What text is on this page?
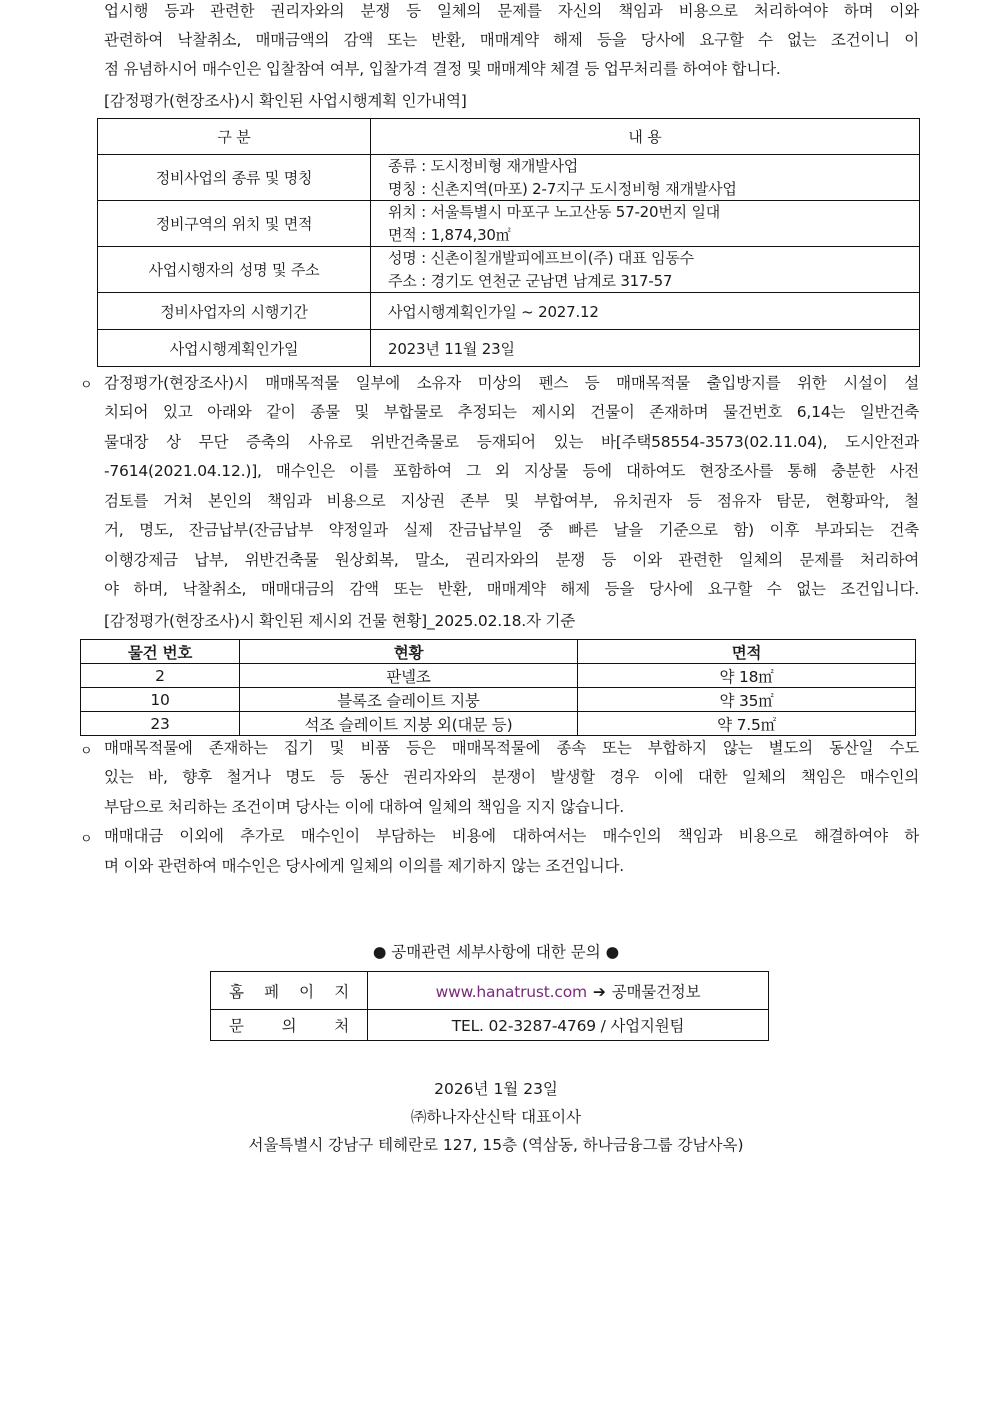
업시행 등과 관련한 권리자와의 분쟁 등 일체의 문제를 자신의 책임과 비용으로 처리하여야 하며 이와
관련하여 낙찰취소, 매매금액의 감액 또는 반환, 매매계약 해제 등을 당사에 요구할 수 없는 조건이니 이
점 유념하시어 매수인은 입찰참여 여부, 입찰가격 결정 및 매매계약 체결 등 업무처리를 하여야 합니다.
[감정평가(현장조사)시 확인된 사업시행계획 인가내역]
구 분	내 용
정비사업의 종류 및 명칭	종류 : 도시정비형 재개발사업
명칭 : 신촌지역(마포) 2-7지구 도시정비형 재개발사업

정비구역의 위치 및 면적	위치 : 서울특별시 마포구 노고산동 57-20번지 일대
면적 : 1,874,30㎡

사업시행자의 성명 및 주소	성명 : 신촌이칠개발피에프브이(주) 대표 임동수
주소 : 경기도 연천군 군남면 남계로 317-57

정비사업자의 시행기간	사업시행계획인가일 ~ 2027.12
사업시행계획인가일	2023년 11월 23일
ㅇ 감정평가(현장조사)시 매매목적물 일부에 소유자 미상의 펜스 등 매매목적물 출입방지를 위한 시설이 설
치되어 있고 아래와 같이 종물 및 부합물로 추정되는 제시외 건물이 존재하며 물건번호 6,14는 일반건축
물대장 상 무단 증축의 사유로 위반건축물로 등재되어 있는 바[주택58554-3573(02.11.04), 도시안전과
-7614(2021.04.12.)], 매수인은 이를 포함하여 그 외 지상물 등에 대하여도 현장조사를 통해 충분한 사전
검토를 거쳐 본인의 책임과 비용으로 지상권 존부 및 부합여부, 유치권자 등 점유자 탐문, 현황파악, 철
거, 명도, 잔금납부(잔금납부 약정일과 실제 잔금납부일 중 빠른 날을 기준으로 함) 이후 부과되는 건축
이행강제금 납부, 위반건축물 원상회복, 말소, 권리자와의 분쟁 등 이와 관련한 일체의 문제를 처리하여
야 하며, 낙찰취소, 매매대금의 감액 또는 반환, 매매계약 해제 등을 당사에 요구할 수 없는 조건입니다.
[감정평가(현장조사)시 확인된 제시외 건물 현황]_2025.02.18.자 기준
물건 번호	현황	면적
2	판넬조	약 18㎡
10	블록조 슬레이트 지붕	약 35㎡
23	석조 슬레이트 지붕 외(대문 등)	약 7.5㎡
ㅇ 매매목적물에 존재하는 집기 및 비품 등은 매매목적물에 종속 또는 부합하지 않는 별도의 동산일 수도
있는 바, 향후 철거나 명도 등 동산 권리자와의 분쟁이 발생할 경우 이에 대한 일체의 책임은 매수인의
부담으로 처리하는 조건이며 당사는 이에 대하여 일체의 책임을 지지 않습니다.
ㅇ 매매대금 이외에 추가로 매수인이 부담하는 비용에 대하여서는 매수인의 책임과 비용으로 해결하여야 하
며 이와 관련하여 매수인은 당사에게 일체의 이의를 제기하지 않는 조건입니다.
● 공매관련 세부사항에 대한 문의 ●
홈 페 이 지	www.hanatrust.com ➔ 공매물건정보

문 의 처	TEL. 02-3287-4769 / 사업지원팀
2026년 1월 23일
㈜하나자산신탁 대표이사
서울특별시 강남구 테헤란로 127, 15층 (역삼동, 하나금융그룹 강남사옥)
